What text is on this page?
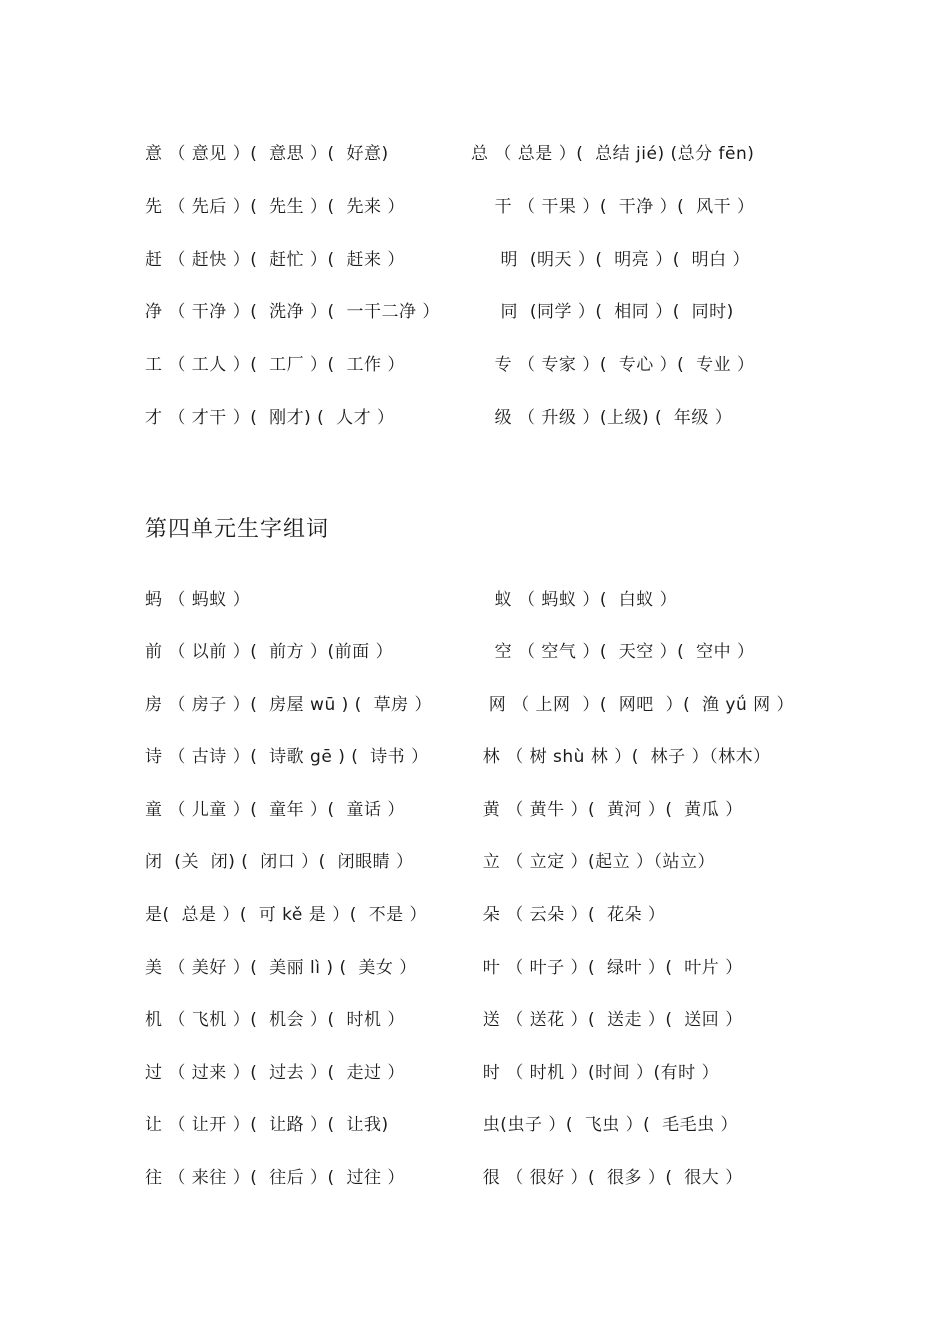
意 （ 意见 ）(  意思 ）(  好意)	总 （ 总是 ）(  总结 jié) (总分 fēn)
先 （ 先后 ）(  先生 ）(  先来 ）	干 （ 干果 ）(  干净 ）(  风干 ）
赶 （ 赶快 ）(  赶忙 ）(  赶来 ）	明  (明天 ）(  明亮 ）(  明白 ）
净 （ 干净 ）(  洗净 ）(  一干二净 ） 同  (同学 ）(  相同 ）(  同时)
工 （ 工人 ）(  工厂 ）(  工作 ）	专 （ 专家 ）(  专心 ）(  专业 ）
才 （ 才干 ）(  刚才) (  人才 ）	级 （ 升级 ）(上级) (  年级 ）
第四单元生字组词
蚂 （ 蚂蚁 ）	蚁 （ 蚂蚁 ）(  白蚁 ）
前 （ 以前 ）(  前方 ）(前面 ）	空 （ 空气 ）(  天空 ）(  空中 ）
房 （ 房子 ）(  房屋 wū ) (  草房 ） 网 （ 上网  ）(  网吧  ）(  渔 yǘ 网 ）
诗 （ 古诗 ）(  诗歌 gē ) (  诗书 ） 林 （ 树 shù 林 ）(  林子 ）（林木）
童 （ 儿童 ）(  童年 ）(  童话 ）	黄 （ 黄牛 ）(  黄河 ）(  黄瓜 ）
闭  (关  闭) (  闭口 ）(  闭眼睛 ）	立 （ 立定 ）(起立 ）（站立）
是(  总是 ）(  可 kě 是 ）(  不是 ）	朵 （ 云朵 ）(  花朵 ）
美 （ 美好 ）(  美丽 lì ) (  美女 ）	叶 （ 叶子 ）(  绿叶 ）(  叶片 ）
机 （ 飞机 ）(  机会 ）(  时机 ）	送 （ 送花 ）(  送走 ）(  送回 ）
过 （ 过来 ）(  过去 ）(  走过 ）	时 （ 时机 ）(时间 ）(有时 ）
让 （ 让开 ）(  让路 ）(  让我)	虫(虫子 ）(  飞虫 ）(  毛毛虫 ）
往 （ 来往 ）(  往后 ）(  过往 ）	很 （ 很好 ）(  很多 ）(  很大 ）
